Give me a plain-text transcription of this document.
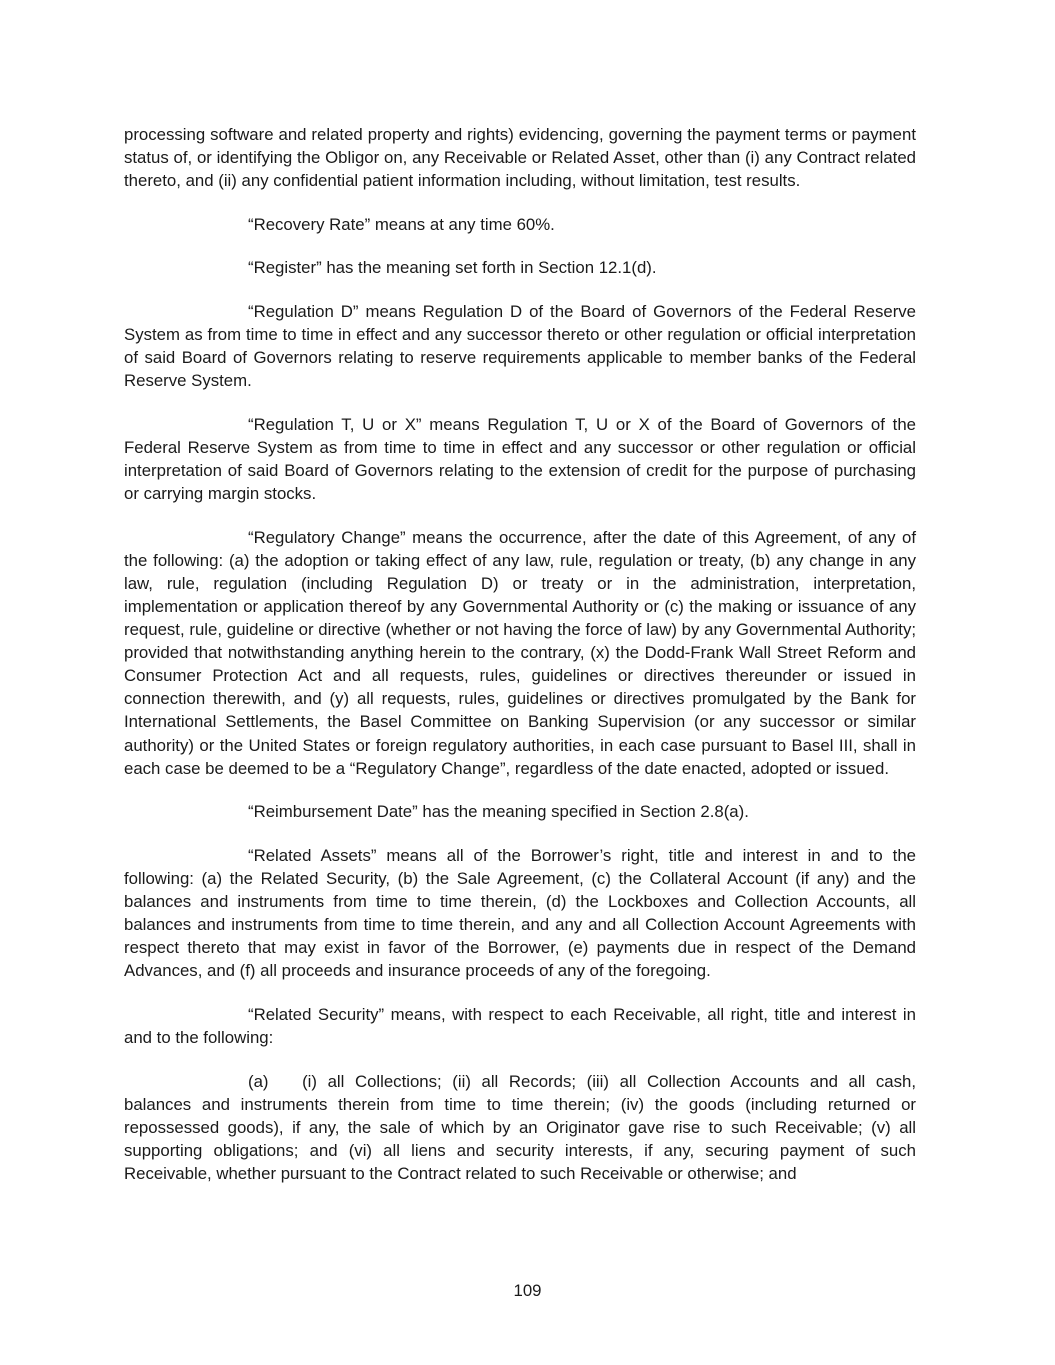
processing software and related property and rights) evidencing, governing the payment terms or payment status of, or identifying the Obligor on, any Receivable or Related Asset, other than (i) any Contract related thereto, and (ii) any confidential patient information including, without limitation, test results.

“Recovery Rate” means at any time 60%.

“Register” has the meaning set forth in Section 12.1(d).

“Regulation D” means Regulation D of the Board of Governors of the Federal Reserve System as from time to time in effect and any successor thereto or other regulation or official interpretation of said Board of Governors relating to reserve requirements applicable to member banks of the Federal Reserve System.

“Regulation T, U or X” means Regulation T, U or X of the Board of Governors of the Federal Reserve System as from time to time in effect and any successor or other regulation or official interpretation of said Board of Governors relating to the extension of credit for the purpose of purchasing or carrying margin stocks.

“Regulatory Change” means the occurrence, after the date of this Agreement, of any of the following: (a) the adoption or taking effect of any law, rule, regulation or treaty, (b) any change in any law, rule, regulation (including Regulation D) or treaty or in the administration, interpretation, implementation or application thereof by any Governmental Authority or (c) the making or issuance of any request, rule, guideline or directive (whether or not having the force of law) by any Governmental Authority; provided that notwithstanding anything herein to the contrary, (x) the Dodd-Frank Wall Street Reform and Consumer Protection Act and all requests, rules, guidelines or directives thereunder or issued in connection therewith, and (y) all requests, rules, guidelines or directives promulgated by the Bank for International Settlements, the Basel Committee on Banking Supervision (or any successor or similar authority) or the United States or foreign regulatory authorities, in each case pursuant to Basel III, shall in each case be deemed to be a “Regulatory Change”, regardless of the date enacted, adopted or issued.

“Reimbursement Date” has the meaning specified in Section 2.8(a).

“Related Assets” means all of the Borrower’s right, title and interest in and to the following: (a) the Related Security, (b) the Sale Agreement, (c) the Collateral Account (if any) and the balances and instruments from time to time therein, (d) the Lockboxes and Collection Accounts, all balances and instruments from time to time therein, and any and all Collection Account Agreements with respect thereto that may exist in favor of the Borrower, (e) payments due in respect of the Demand Advances, and (f) all proceeds and insurance proceeds of any of the foregoing.

“Related Security” means, with respect to each Receivable, all right, title and interest in and to the following:

(a)  (i) all Collections; (ii) all Records; (iii) all Collection Accounts and all cash, balances and instruments therein from time to time therein; (iv) the goods (including returned or repossessed goods), if any, the sale of which by an Originator gave rise to such Receivable; (v) all supporting obligations; and (vi) all liens and security interests, if any, securing payment of such Receivable, whether pursuant to the Contract related to such Receivable or otherwise; and

109
